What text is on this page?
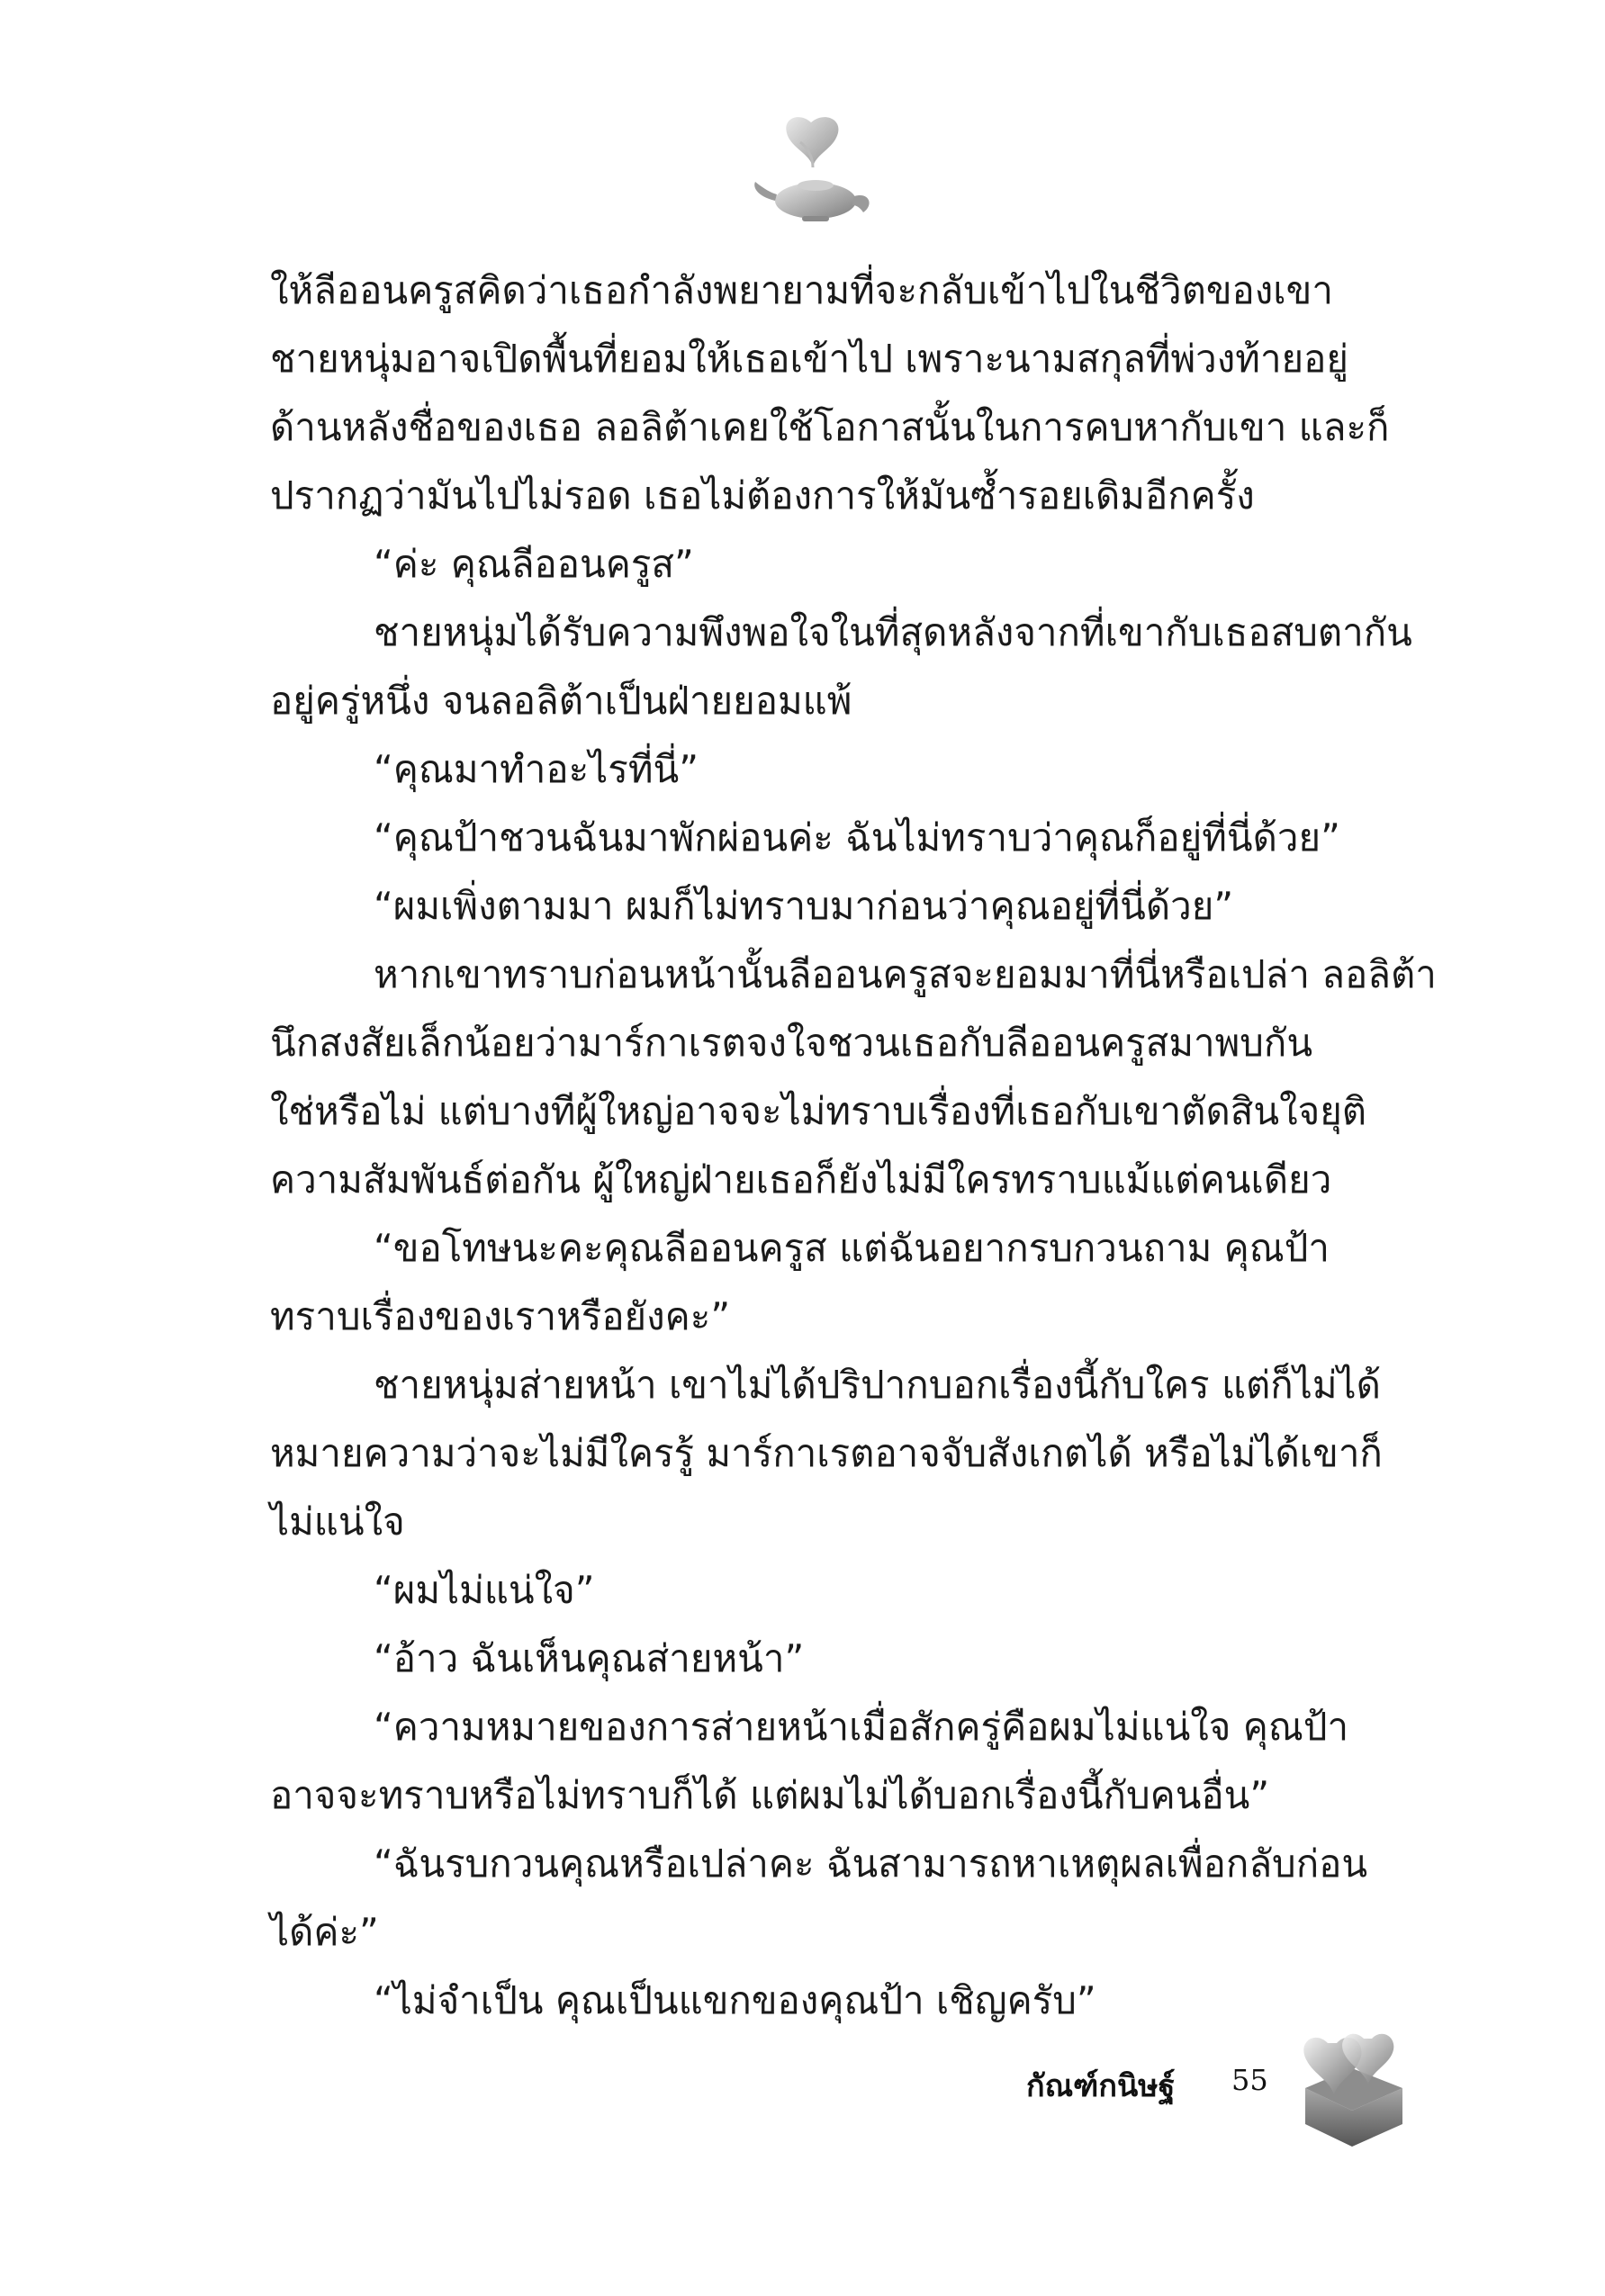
ให้ลีออนครูสคิดว่าเธอกำลังพยายามที่จะกลับเข้าไปในชีวิตของเขา

ชายหนุ่มอาจเปิดพื้นที่ยอมให้เธอเข้าไป เพราะนามสกุลที่พ่วงท้ายอยู่

ด้านหลังชื่อของเธอ ลอลิต้าเคยใช้โอกาสนั้นในการคบหากับเขา และก็

ปรากฏว่ามันไปไม่รอด เธอไม่ต้องการให้มันซ้ำรอยเดิมอีกครั้ง

“ค่ะ คุณลีออนครูส”

ชายหนุ่มได้รับความพึงพอใจในที่สุดหลังจากที่เขากับเธอสบตากัน

อยู่ครู่หนึ่ง จนลอลิต้าเป็นฝ่ายยอมแพ้

“คุณมาทำอะไรที่นี่”

“คุณป้าชวนฉันมาพักผ่อนค่ะ ฉันไม่ทราบว่าคุณก็อยู่ที่นี่ด้วย”

“ผมเพิ่งตามมา ผมก็ไม่ทราบมาก่อนว่าคุณอยู่ที่นี่ด้วย”

หากเขาทราบก่อนหน้านั้นลีออนครูสจะยอมมาที่นี่หรือเปล่า ลอลิต้า

นึกสงสัยเล็กน้อยว่ามาร์กาเรตจงใจชวนเธอกับลีออนครูสมาพบกัน

ใช่หรือไม่ แต่บางทีผู้ใหญ่อาจจะไม่ทราบเรื่องที่เธอกับเขาตัดสินใจยุติ

ความสัมพันธ์ต่อกัน ผู้ใหญ่ฝ่ายเธอก็ยังไม่มีใครทราบแม้แต่คนเดียว

“ขอโทษนะคะคุณลีออนครูส แต่ฉันอยากรบกวนถาม คุณป้า

ทราบเรื่องของเราหรือยังคะ”

ชายหนุ่มส่ายหน้า เขาไม่ได้ปริปากบอกเรื่องนี้กับใคร แต่ก็ไม่ได้

หมายความว่าจะไม่มีใครรู้ มาร์กาเรตอาจจับสังเกตได้ หรือไม่ได้เขาก็

ไม่แน่ใจ

“ผมไม่แน่ใจ”

“อ้าว ฉันเห็นคุณส่ายหน้า”

“ความหมายของการส่ายหน้าเมื่อสักครู่คือผมไม่แน่ใจ คุณป้า

อาจจะทราบหรือไม่ทราบก็ได้ แต่ผมไม่ได้บอกเรื่องนี้กับคนอื่น”

“ฉันรบกวนคุณหรือเปล่าคะ ฉันสามารถหาเหตุผลเพื่อกลับก่อน

ได้ค่ะ”

“ไม่จำเป็น คุณเป็นแขกของคุณป้า เชิญครับ”

กัณฑ์กนิษฐ์ 55
